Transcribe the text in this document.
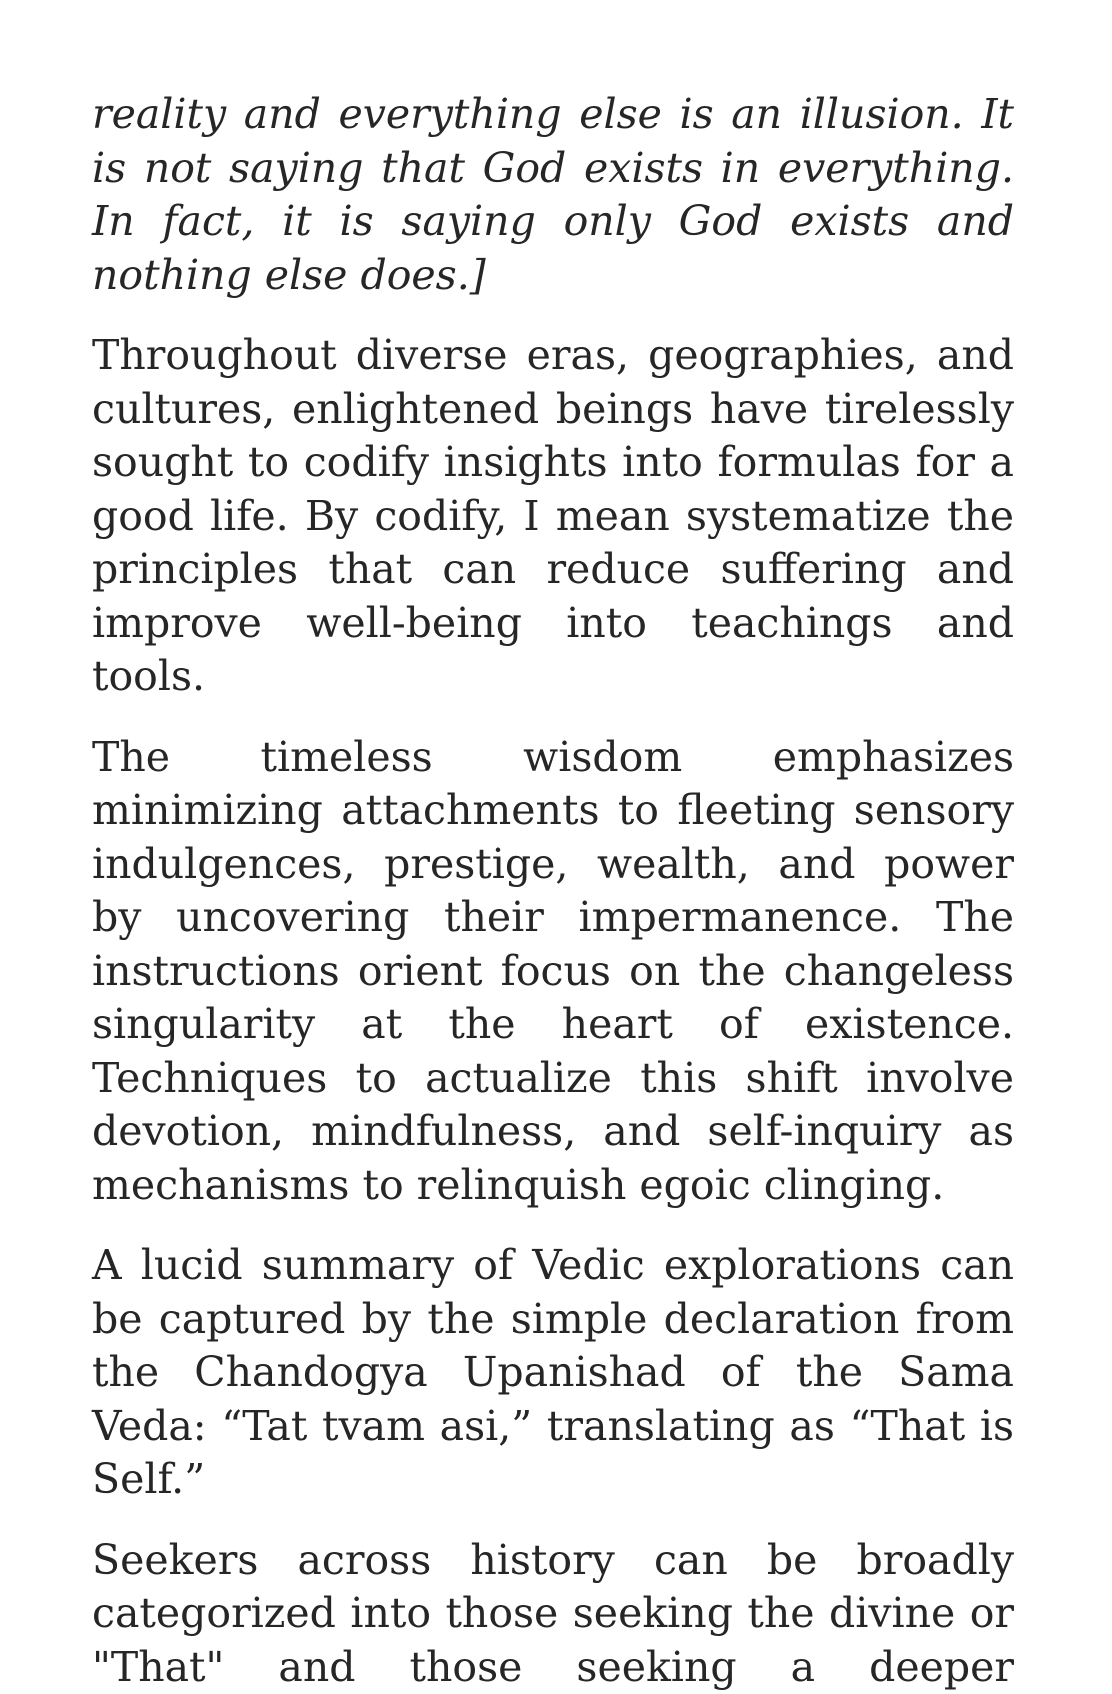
reality and everything else is an illusion. It is not saying that God exists in everything. In fact, it is saying only God exists and nothing else does.]

Throughout diverse eras, geographies, and cultures, enlightened beings have tirelessly sought to codify insights into formulas for a good life. By codify, I mean systematize the principles that can reduce suffering and improve well-being into teachings and tools.

The timeless wisdom emphasizes minimizing attachments to fleeting sensory indulgences, prestige, wealth, and power by uncovering their impermanence. The instructions orient focus on the changeless singularity at the heart of existence. Techniques to actualize this shift involve devotion, mindfulness, and self-inquiry as mechanisms to relinquish egoic clinging.

A lucid summary of Vedic explorations can be captured by the simple declaration from the Chandogya Upanishad of the Sama Veda: “Tat tvam asi,” translating as “That is Self.”

Seekers across history can be broadly categorized into those seeking the divine or "That" and those seeking a deeper
